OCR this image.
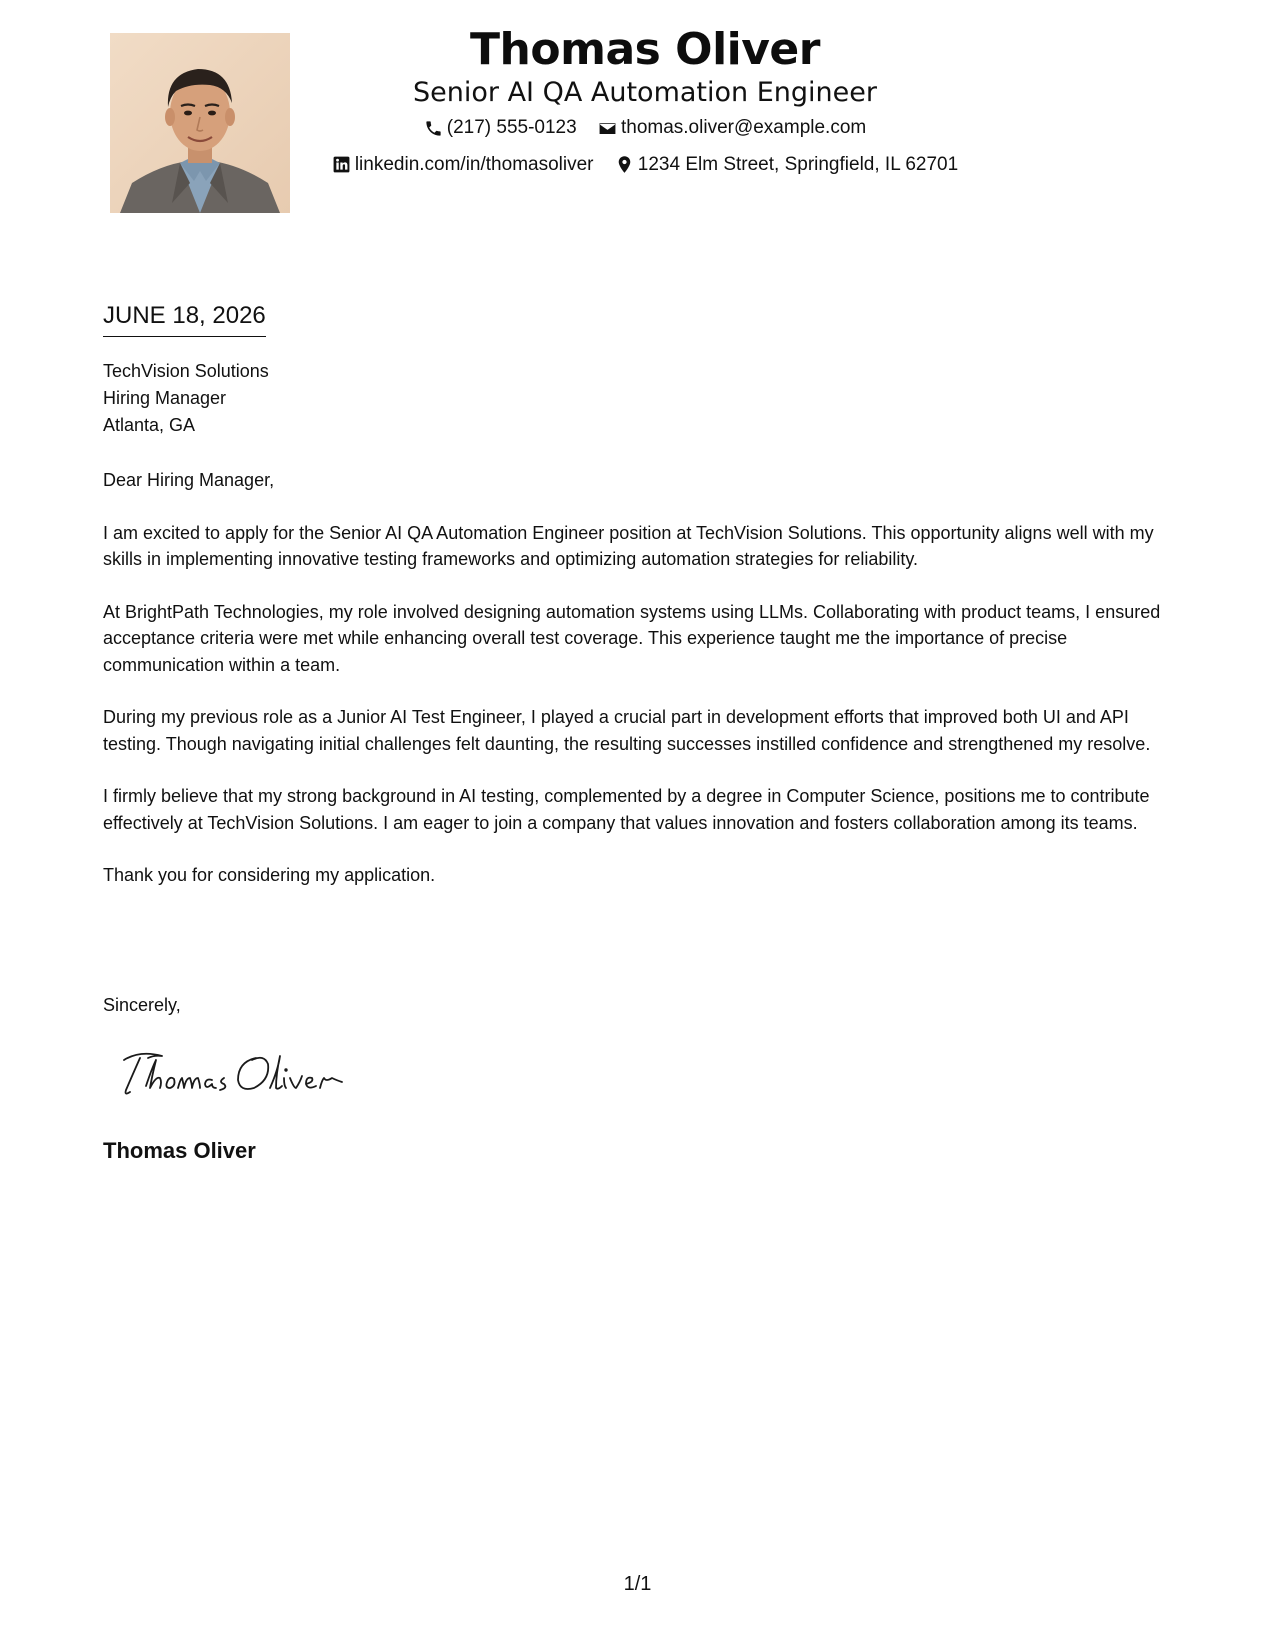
Thomas Oliver
Senior AI QA Automation Engineer
(217) 555-0123
thomas.oliver@example.com
linkedin.com/in/thomasoliver
1234 Elm Street, Springfield, IL 62701
JUNE 18, 2026
TechVision Solutions
Hiring Manager
Atlanta, GA

Dear Hiring Manager,

I am excited to apply for the Senior AI QA Automation Engineer position at TechVision Solutions. This opportunity aligns well with my skills in implementing innovative testing frameworks and optimizing automation strategies for reliability.

At BrightPath Technologies, my role involved designing automation systems using LLMs. Collaborating with product teams, I ensured acceptance criteria were met while enhancing overall test coverage. This experience taught me the importance of precise communication within a team.

During my previous role as a Junior AI Test Engineer, I played a crucial part in development efforts that improved both UI and API testing. Though navigating initial challenges felt daunting, the resulting successes instilled confidence and strengthened my resolve.

I firmly believe that my strong background in AI testing, complemented by a degree in Computer Science, positions me to contribute effectively at TechVision Solutions. I am eager to join a company that values innovation and fosters collaboration among its teams.

Thank you for considering my application.

Sincerely,
Thomas Oliver
1/1
